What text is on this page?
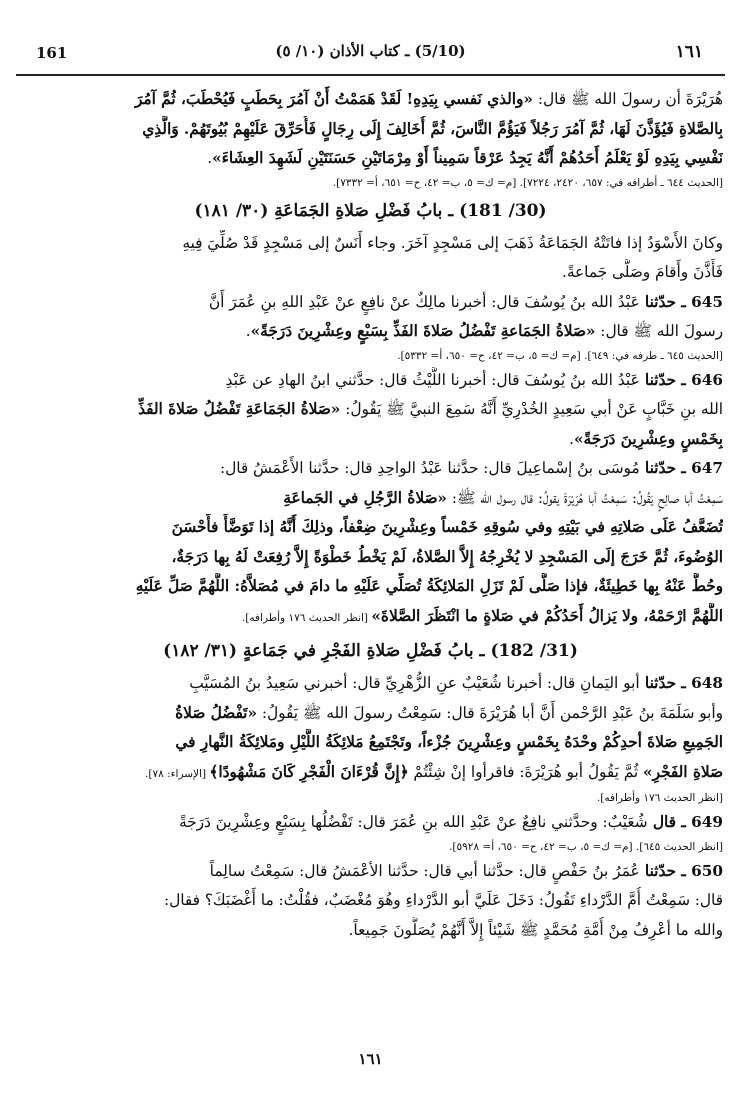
161	(5/10) ـ كتاب الأذان (١٠/ ٥)	١٦١
هُرَيْرَةَ أن رسولَ الله ﷺ قال: «والذي نَفسي بِيَدِهِ! لَقَدْ هَمَمْتُ أَنْ آمُرَ بِحَطَبٍ فَيُحْطَبَ، ثُمَّ آمُرَ
بِالصَّلاةِ فَيُؤَذَّنَ لَهَا، ثُمَّ آمُرَ رَجُلاً فَيَؤُمَّ النَّاسَ، ثُمَّ أُخَالِفَ إِلَى رِجَالٍ فَأُحَرِّقَ عَلَيْهِمْ بُيُوتَهُمْ. وَالَّذِي
نَفْسِي بِيَدِهِ لَوْ يَعْلَمُ أَحَدُهُمْ أَنَّهُ يَجِدُ عَرْقاً سَمِيناً أَوْ مِرْمَاتَيْنِ حَسَنَتَيْنِ لَشَهِدَ العِشَاءَ».
[الحديث ٦٤٤ ـ أطرافه في: ٦٥٧، ٢٤٢٠، ٧٢٢٤]. [م= ك= ٥، ب= ٤٢، ح= ٦٥١، أ= ٧٣٣٢].
(30/ 181) ـ بابُ فَضْلِ صَلاةِ الجَمَاعَةِ (٣٠/ ١٨١)
وكانَ الأَسْوَدُ إذا فاتَتْهُ الجَمَاعَةُ ذَهَبَ إلى مَسْجِدٍ آخَرَ. وجاء أَنَسٌ إلى مَسْجِدٍ قَدْ صُلِّيَ فِيهِ
فَأَذَّنَ وأَقامَ وصَلَّى جَماعةً.
645 ـ حدّثنا عَبْدُ الله بنُ يُوسُفَ قال: أخبرنا مالِكٌ عنْ نافِعٍ عنْ عَبْدِ اللهِ بنِ عُمَرَ أَنَّ
رسولَ الله ﷺ قال: «صَلاةُ الجَمَاعةِ تَفْضُلُ صَلاةَ الفَذِّ بِسَبْعٍ وعِشْرِينَ دَرَجَةً».
[الحديث ٦٤٥ ـ طرفه في: ٦٤٩]. [م= ك= ٥، ب= ٤٢، ح= ٦٥٠، أ= ٥٣٣٢].
646 ـ حدّثنا عَبْدُ الله بنُ يُوسُفَ قال: أخبرنا اللَّيْثُ قال: حدَّثني ابنُ الهادِ عن عَبْدِ
الله بنِ خَبَّابٍ عَنْ أبي سَعِيدٍ الخُدْرِيِّ أَنَّهُ سَمِعَ النبيَّ ﷺ يَقُولُ: «صَلاةُ الجَمَاعَةِ تَفْضُلُ صَلاةَ الفَذِّ
بِخَمْسٍ وعِشْرِينَ دَرَجَةً».
647 ـ حدّثنا مُوسَى بنُ إسْماعِيلَ قال: حدَّثنا عَبْدُ الواحِدِ قال: حدَّثنا الأَعْمَشُ قال:
سَمِعْتُ أبا صالِحٍ يَقُولُ: سَمِعْتُ أبا هُرَيْرَةَ يقولُ: قال رسول الله ﷺ: «صَلاةُ الرَّجُلِ في الجَماعَةِ
تُضَعَّفُ عَلَى صَلاتِهِ في بَيْتِهِ وفي سُوقِهِ خَمْساً وعِشْرِينَ ضِعْفاً، وذلِكَ أَنَّهُ إذا تَوَضَّأَ فأَحْسَنَ
الوُضُوءَ، ثُمَّ خَرَجَ إلَى المَسْجِدِ لا يُخْرِجُهُ إِلاَّ الصَّلاةُ، لَمْ يَخْطُ خَطْوَةً إِلاَّ رُفِعَتْ لَهُ بِها دَرَجَةٌ،
وحُطَّ عَنْهُ بِها خَطِيئَةٌ، فإذا صَلَّى لَمْ تَزَلِ المَلائِكَةُ تُصَلِّي عَلَيْهِ ما دامَ في مُصَلاَّهُ: اللَّهُمَّ صَلِّ عَلَيْهِ
اللَّهُمَّ ارْحَمْهُ، ولا يَزالُ أَحَدُكُمْ في صَلاةٍ ما انْتَظَرَ الصَّلاةَ» [انظر الحديث ١٧٦ وأطرافه].
(31/ 182) ـ بابُ فَضْلِ صَلاةِ الفَجْرِ في جَمَاعةٍ (٣١/ ١٨٢)
648 ـ حدّثنا أبو اليَمانِ قال: أخبرنا شُعَيْبٌ عنِ الزُّهْرِيِّ قال: أخبرني سَعِيدُ بنُ المُسَيَّبِ
وأبو سَلَمَةَ بنُ عَبْدِ الرَّحْمن أَنَّ أبا هُرَيْرَةَ قال: سَمِعْتُ رسولَ الله ﷺ يَقُولُ: «تَفْضُلُ صَلاةُ
الجَمِيعِ صَلاةَ أحدِكُمْ وحْدَهُ بِخَمْسٍ وعِشْرِينَ جُزْءاً، وتَجْتَمِعُ مَلائِكَةُ اللَّيْلِ ومَلائِكَةُ النَّهارِ في
صَلاةِ الفَجْرِ» ثُمَّ يَقُولُ أبو هُرَيْرَةَ: فاقرأوا إنْ شِئْتُمْ ﴿إِنَّ قُرْءَانَ الْفَجْرِ كَانَ مَشْهُودًا﴾ [الإسراء: ٧٨].
[انظر الحديث ١٧٦ وأطرافه].
649 ـ قال شُعَيْبٌ: وحدَّثني نافِعٌ عنْ عَبْدِ الله بنِ عُمَرَ قال: تَفْضُلُها بِسَبْعٍ وعِشْرِينَ دَرَجَةً
[انظر الحديث ٦٤٥]. [م= ك= ٥، ب= ٤٢، ح= ٦٥٠، أ= ٥٩٢٨].
650 ـ حدّثنا عُمَرُ بنُ حَفْصٍ قال: حدَّثنا أبي قال: حدَّثنا الأعْمَشُ قال: سَمِعْتُ سالِماً
قال: سَمِعْتُ أُمَّ الدَّرْداءِ تَقُولُ: دَخَلَ عَلَيَّ أبو الدَّرْداءِ وهُوَ مُغْضَبٌ، فقُلْتُ: ما أَغْضَبَكَ؟ فقال:
والله ما أعْرِفُ مِنْ أُمَّةِ مُحَمَّدٍ ﷺ شَيْئاً إِلاَّ أَنَّهُمْ يُصَلُّونَ جَمِيعاً.
١٦١
